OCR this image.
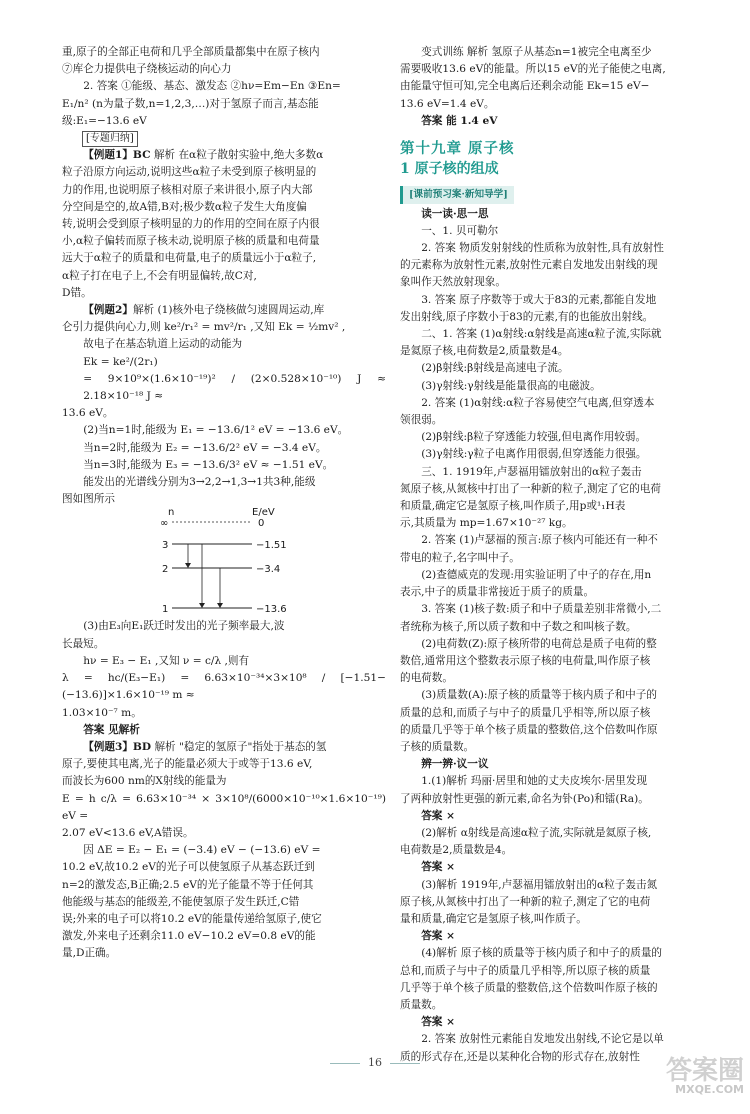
重,原子的全部正电荷和几乎全部质量都集中在原子核内

⑦库仑力提供电子绕核运动的向心力

2. 答案 ①能级、基态、激发态 ②hν=Em−En ③En=

E₁/n² (n为量子数,n=1,2,3,…)对于氢原子而言,基态能

级:E₁=−13.6 eV

[专题归纳]

【例题1】BC 解析 在α粒子散射实验中,绝大多数α

粒子沿原方向运动,说明这些α粒子未受到原子核明显的

力的作用,也说明原子核相对原子来讲很小,原子内大部

分空间是空的,故A错,B对;极少数α粒子发生大角度偏

转,说明会受到原子核明显的力的作用的空间在原子内很

小,α粒子偏转而原子核未动,说明原子核的质量和电荷量

远大于α粒子的质量和电荷量,电子的质量远小于α粒子,

α粒子打在电子上,不会有明显偏转,故C对,

D错。

【例题2】解析 (1)核外电子绕核做匀速圆周运动,库

仑引力提供向心力,则 ke²/r₁² = mv²/r₁ ,又知 Ek = ½mv² ,

故电子在基态轨道上运动的动能为

Ek = ke²/(2r₁)

= 9×10⁹×(1.6×10⁻¹⁹)² / (2×0.528×10⁻¹⁰) J ≈ 2.18×10⁻¹⁸ J ≈

13.6 eV。

(2)当n=1时,能级为 E₁ = −13.6/1² eV = −13.6 eV。

当n=2时,能级为 E₂ = −13.6/2² eV = −3.4 eV。

当n=3时,能级为 E₃ = −13.6/3² eV ≈ −1.51 eV。

能发出的光谱线分别为3→2,2→1,3→1共3种,能级

图如图所示

n	E/eV
∞	0
3	−1.51
2	−3.4
1	−13.6

(3)由E₃向E₁跃迁时发出的光子频率最大,波

长最短。

hν = E₃ − E₁ ,又知 ν = c/λ ,则有

λ = hc/(E₃−E₁) = 6.63×10⁻³⁴×3×10⁸ / [−1.51−(−13.6)]×1.6×10⁻¹⁹ m ≈

1.03×10⁻⁷ m。

答案 见解析

【例题3】BD 解析 "稳定的氢原子"指处于基态的氢

原子,要使其电离,光子的能量必须大于或等于13.6 eV,

而波长为600 nm的X射线的能量为

E = h c/λ = 6.63×10⁻³⁴ × 3×10⁸/(6000×10⁻¹⁰×1.6×10⁻¹⁹) eV =

2.07 eV<13.6 eV,A错误。

因 ΔE = E₂ − E₁ = (−3.4) eV − (−13.6) eV =

10.2 eV,故10.2 eV的光子可以使氢原子从基态跃迁到

n=2的激发态,B正确;2.5 eV的光子能量不等于任何其

他能级与基态的能级差,不能使氢原子发生跃迁,C错

误;外来的电子可以将10.2 eV的能量传递给氢原子,使它

激发,外来电子还剩余11.0 eV−10.2 eV=0.8 eV的能

量,D正确。

变式训练 解析 氢原子从基态n=1被完全电离至少

需要吸收13.6 eV的能量。所以15 eV的光子能使之电离,

由能量守恒可知,完全电离后还剩余动能 Ek=15 eV−

13.6 eV=1.4 eV。

答案 能 1.4 eV

第十九章 原子核

1 原子核的组成

[课前预习案·新知导学]

读一读·思一思

一、1. 贝可勒尔

2. 答案 物质发射射线的性质称为放射性,具有放射性

的元素称为放射性元素,放射性元素自发地发出射线的现

象叫作天然放射现象。

3. 答案 原子序数等于或大于83的元素,都能自发地

发出射线,原子序数小于83的元素,有的也能放出射线。

二、1. 答案 (1)α射线:α射线是高速α粒子流,实际就

是氦原子核,电荷数是2,质量数是4。

(2)β射线:β射线是高速电子流。

(3)γ射线:γ射线是能量很高的电磁波。

2. 答案 (1)α射线:α粒子容易使空气电离,但穿透本

领很弱。

(2)β射线:β粒子穿透能力较强,但电离作用较弱。

(3)γ射线:γ粒子电离作用很弱,但穿透能力很强。

三、1. 1919年,卢瑟福用镭放射出的α粒子轰击

氮原子核,从氮核中打出了一种新的粒子,测定了它的电荷

和质量,确定它是氢原子核,叫作质子,用p或¹₁H表

示,其质量为 mp=1.67×10⁻²⁷ kg。

2. 答案 (1)卢瑟福的预言:原子核内可能还有一种不

带电的粒子,名字叫中子。

(2)查德威克的发现:用实验证明了中子的存在,用n

表示,中子的质量非常接近于质子的质量。

3. 答案 (1)核子数:质子和中子质量差别非常微小,二

者统称为核子,所以质子数和中子数之和叫核子数。

(2)电荷数(Z):原子核所带的电荷总是质子电荷的整

数倍,通常用这个整数表示原子核的电荷量,叫作原子核

的电荷数。

(3)质量数(A):原子核的质量等于核内质子和中子的

质量的总和,而质子与中子的质量几乎相等,所以原子核

的质量几乎等于单个核子质量的整数倍,这个倍数叫作原

子核的质量数。

辨一辨·议一议

1.(1)解析 玛丽·居里和她的丈夫皮埃尔·居里发现

了两种放射性更强的新元素,命名为钋(Po)和镭(Ra)。

答案 ×

(2)解析 α射线是高速α粒子流,实际就是氦原子核,

电荷数是2,质量数是4。

答案 ×

(3)解析 1919年,卢瑟福用镭放射出的α粒子轰击氮

原子核,从氮核中打出了一种新的粒子,测定了它的电荷

量和质量,确定它是氢原子核,叫作质子。

答案 ×

(4)解析 原子核的质量等于核内质子和中子的质量的

总和,而质子与中子的质量几乎相等,所以原子核的质量

几乎等于单个核子质量的整数倍,这个倍数叫作原子核的

质量数。

答案 ×

2. 答案 放射性元素能自发地发出射线,不论它是以单

质的形式存在,还是以某种化合物的形式存在,放射性

16	答案圈
MXQE.COM
